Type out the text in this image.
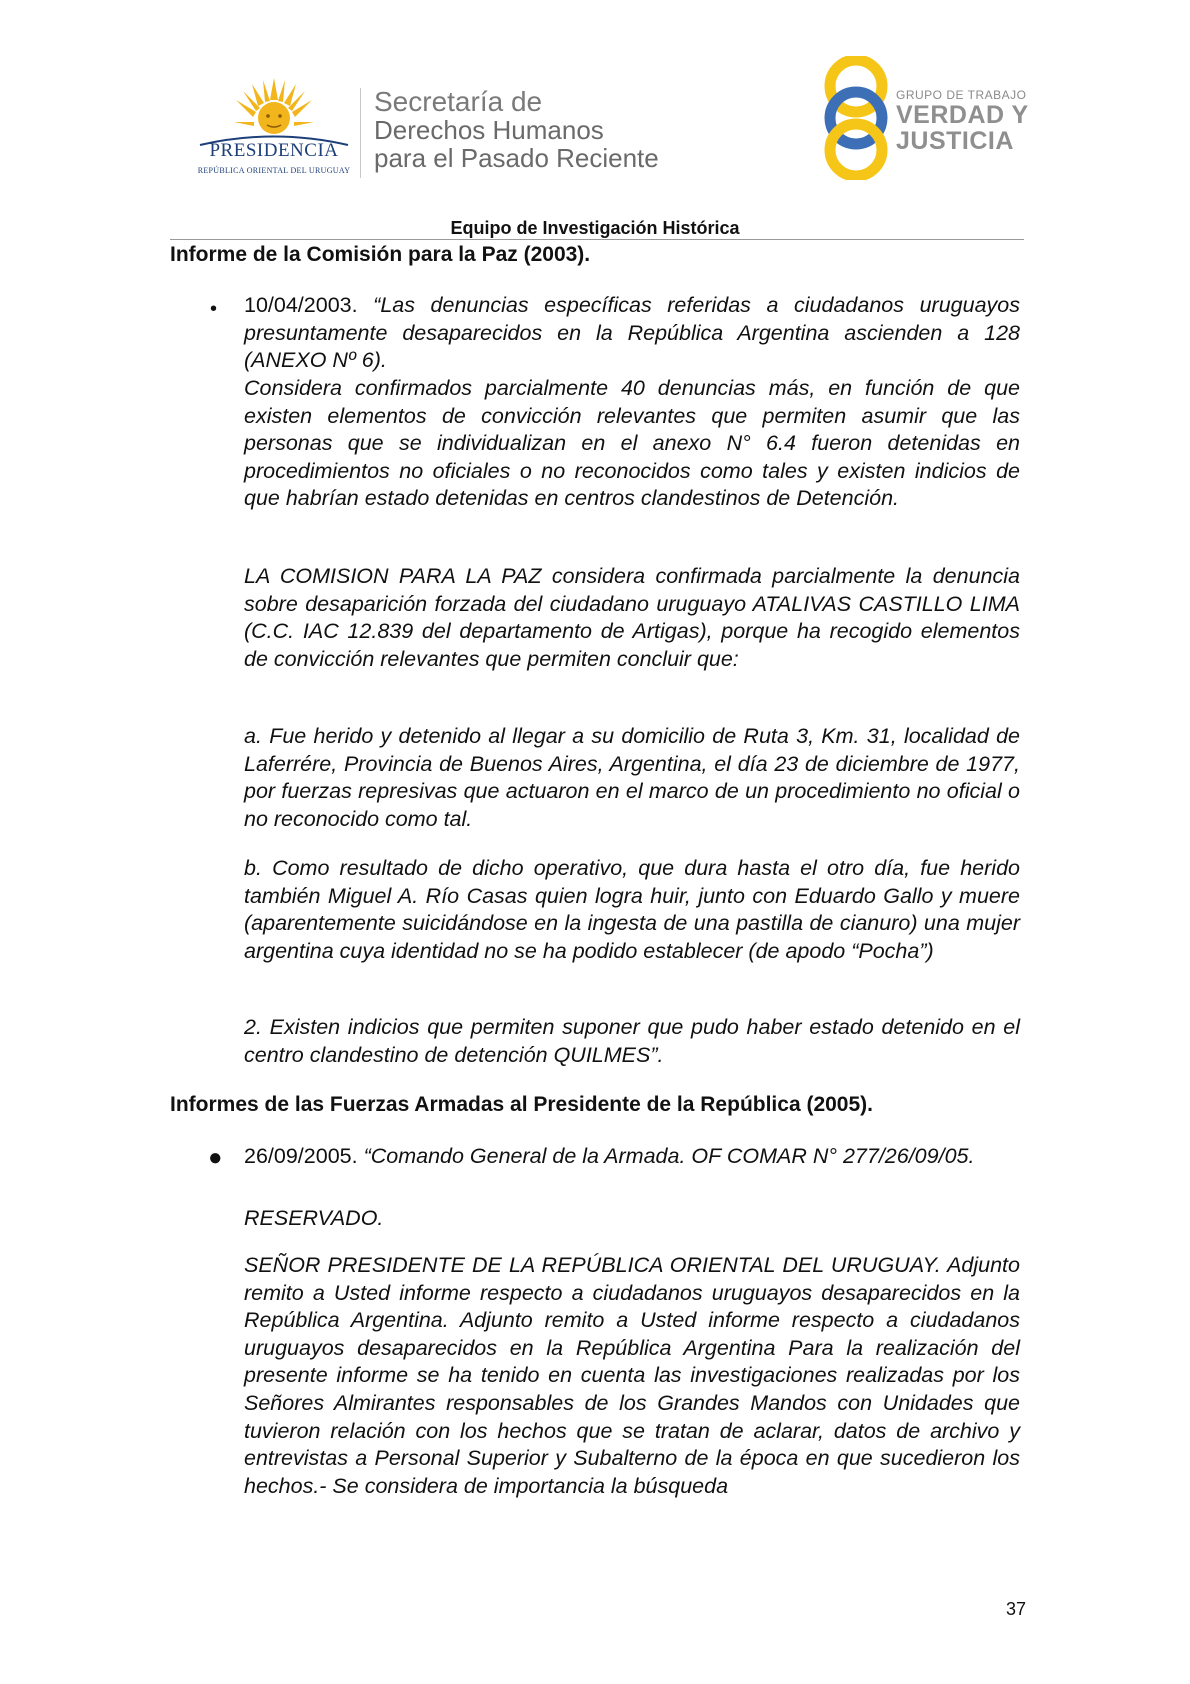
PRESIDENCIA
REPÚBLICA ORIENTAL DEL URUGUAY
Secretaría de
Derechos Humanos
para el Pasado Reciente
GRUPO DE TRABAJO
VERDAD Y
JUSTICIA
Equipo de Investigación Histórica
Informe de la Comisión para la Paz (2003).
• 10/04/2003. “Las denuncias específicas referidas a ciudadanos uruguayos presuntamente desaparecidos en la República Argentina ascienden a 128 (ANEXO Nº 6).

Considera confirmados parcialmente 40 denuncias más, en función de que existen elementos de convicción relevantes que permiten asumir que las personas que se individualizan en el anexo N° 6.4 fueron detenidas en procedimientos no oficiales o no reconocidos como tales y existen indicios de que habrían estado detenidas en centros clandestinos de Detención.

LA COMISION PARA LA PAZ considera confirmada parcialmente la denuncia sobre desaparición forzada del ciudadano uruguayo ATALIVAS CASTILLO LIMA (C.C. IAC 12.839 del departamento de Artigas), porque ha recogido elementos de convicción relevantes que permiten concluir que:

a. Fue herido y detenido al llegar a su domicilio de Ruta 3, Km. 31, localidad de Laferrére, Provincia de Buenos Aires, Argentina, el día 23 de diciembre de 1977, por fuerzas represivas que actuaron en el marco de un procedimiento no oficial o no reconocido como tal.

b. Como resultado de dicho operativo, que dura hasta el otro día, fue herido también Miguel A. Río Casas quien logra huir, junto con Eduardo Gallo y muere (aparentemente suicidándose en la ingesta de una pastilla de cianuro) una mujer argentina cuya identidad no se ha podido establecer (de apodo “Pocha”)

2. Existen indicios que permiten suponer que pudo haber estado detenido en el centro clandestino de detención QUILMES”.

Informes de las Fuerzas Armadas al Presidente de la República (2005).
● 26/09/2005. “Comando General de la Armada. OF COMAR N° 277/26/09/05.

RESERVADO.

SEÑOR PRESIDENTE DE LA REPÚBLICA ORIENTAL DEL URUGUAY. Adjunto remito a Usted informe respecto a ciudadanos uruguayos desaparecidos en la República Argentina. Adjunto remito a Usted informe respecto a ciudadanos uruguayos desaparecidos en la República Argentina Para la realización del presente informe se ha tenido en cuenta las investigaciones realizadas por los Señores Almirantes responsables de los Grandes Mandos con Unidades que tuvieron relación con los hechos que se tratan de aclarar, datos de archivo y entrevistas a Personal Superior y Subalterno de la época en que sucedieron los hechos.- Se considera de importancia la búsqueda

37
